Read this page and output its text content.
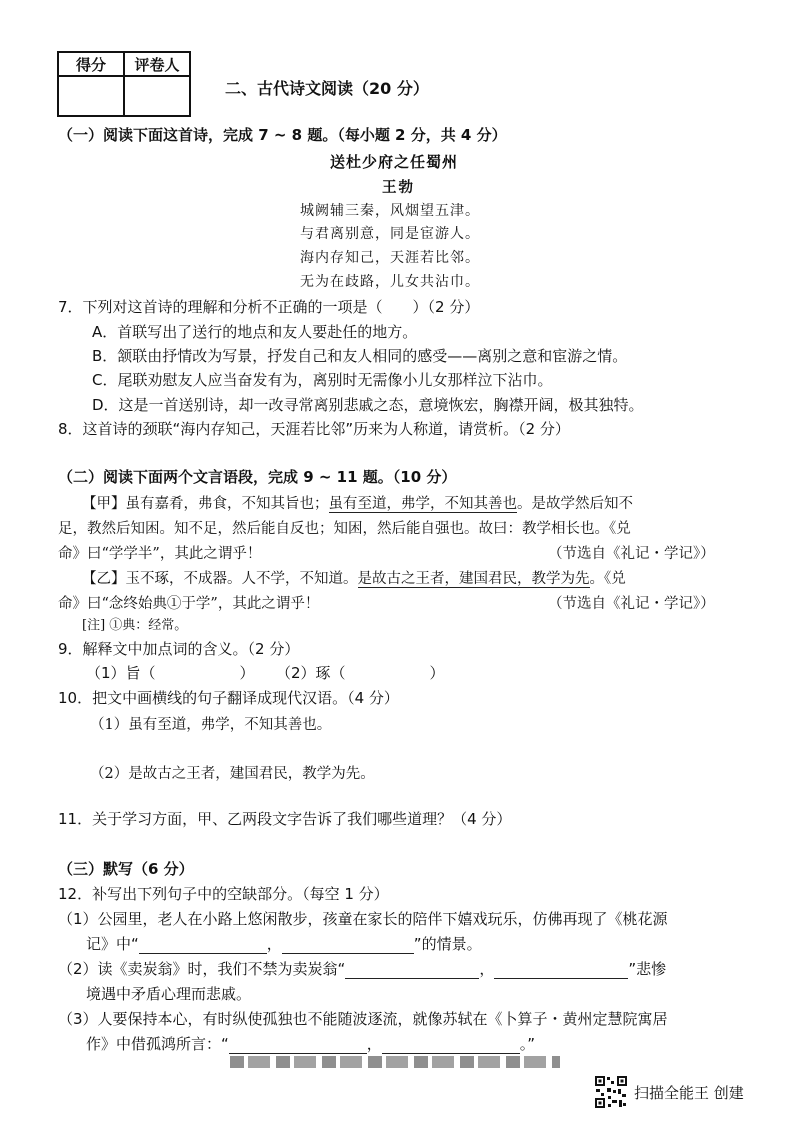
得分	评卷人

二、古代诗文阅读（20 分）
（一）阅读下面这首诗，完成 7 ~ 8 题。（每小题 2 分，共 4 分）
送杜少府之任蜀州
王勃
城阙辅三秦，风烟望五津。
与君离别意，同是宦游人。
海内存知己，天涯若比邻。
无为在歧路，儿女共沾巾。
7．下列对这首诗的理解和分析不正确的一项是（　　）（2 分）
A．首联写出了送行的地点和友人要赴任的地方。
B．颔联由抒情改为写景，抒发自己和友人相同的感受——离别之意和宦游之情。
C．尾联劝慰友人应当奋发有为，离别时无需像小儿女那样泣下沾巾。
D．这是一首送别诗，却一改寻常离别悲戚之态，意境恢宏，胸襟开阔，极其独特。
8．这首诗的颈联“海内存知己，天涯若比邻”历来为人称道，请赏析。（2 分）
（二）阅读下面两个文言语段，完成 9 ~ 11 题。（10 分）
【甲】虽有嘉肴，弗食，不知其旨也；虽有至道，弗学，不知其善也。是故学然后知不
足，教然后知困。知不足，然后能自反也；知困，然后能自强也。故曰：教学相长也。《兑
命》曰“学学半”，其此之谓乎！	（节选自《礼记・学记》）
【乙】玉不琢，不成器。人不学，不知道。是故古之王者，建国君民，教学为先。《兑
命》曰“念终始典①于学”，其此之谓乎！	（节选自《礼记・学记》）
[注] ①典：经常。
9．解释文中加点词的含义。（2 分）
（1）旨（	） （2）琢（	）
10．把文中画横线的句子翻译成现代汉语。（4 分）
（1）虽有至道，弗学，不知其善也。
（2）是故古之王者，建国君民，教学为先。
11．关于学习方面，甲、乙两段文字告诉了我们哪些道理？（4 分）
（三）默写（6 分）
12．补写出下列句子中的空缺部分。（每空 1 分）
（1）公园里，老人在小路上悠闲散步，孩童在家长的陪伴下嬉戏玩乐，仿佛再现了《桃花源
记》中“	，	”的情景。
（2）读《卖炭翁》时，我们不禁为卖炭翁“	，	”悲惨
境遇中矛盾心理而悲戚。
（3）人要保持本心，有时纵使孤独也不能随波逐流，就像苏轼在《卜算子・黄州定慧院寓居
作》中借孤鸿所言：“	，	。”
扫描全能王 创建
